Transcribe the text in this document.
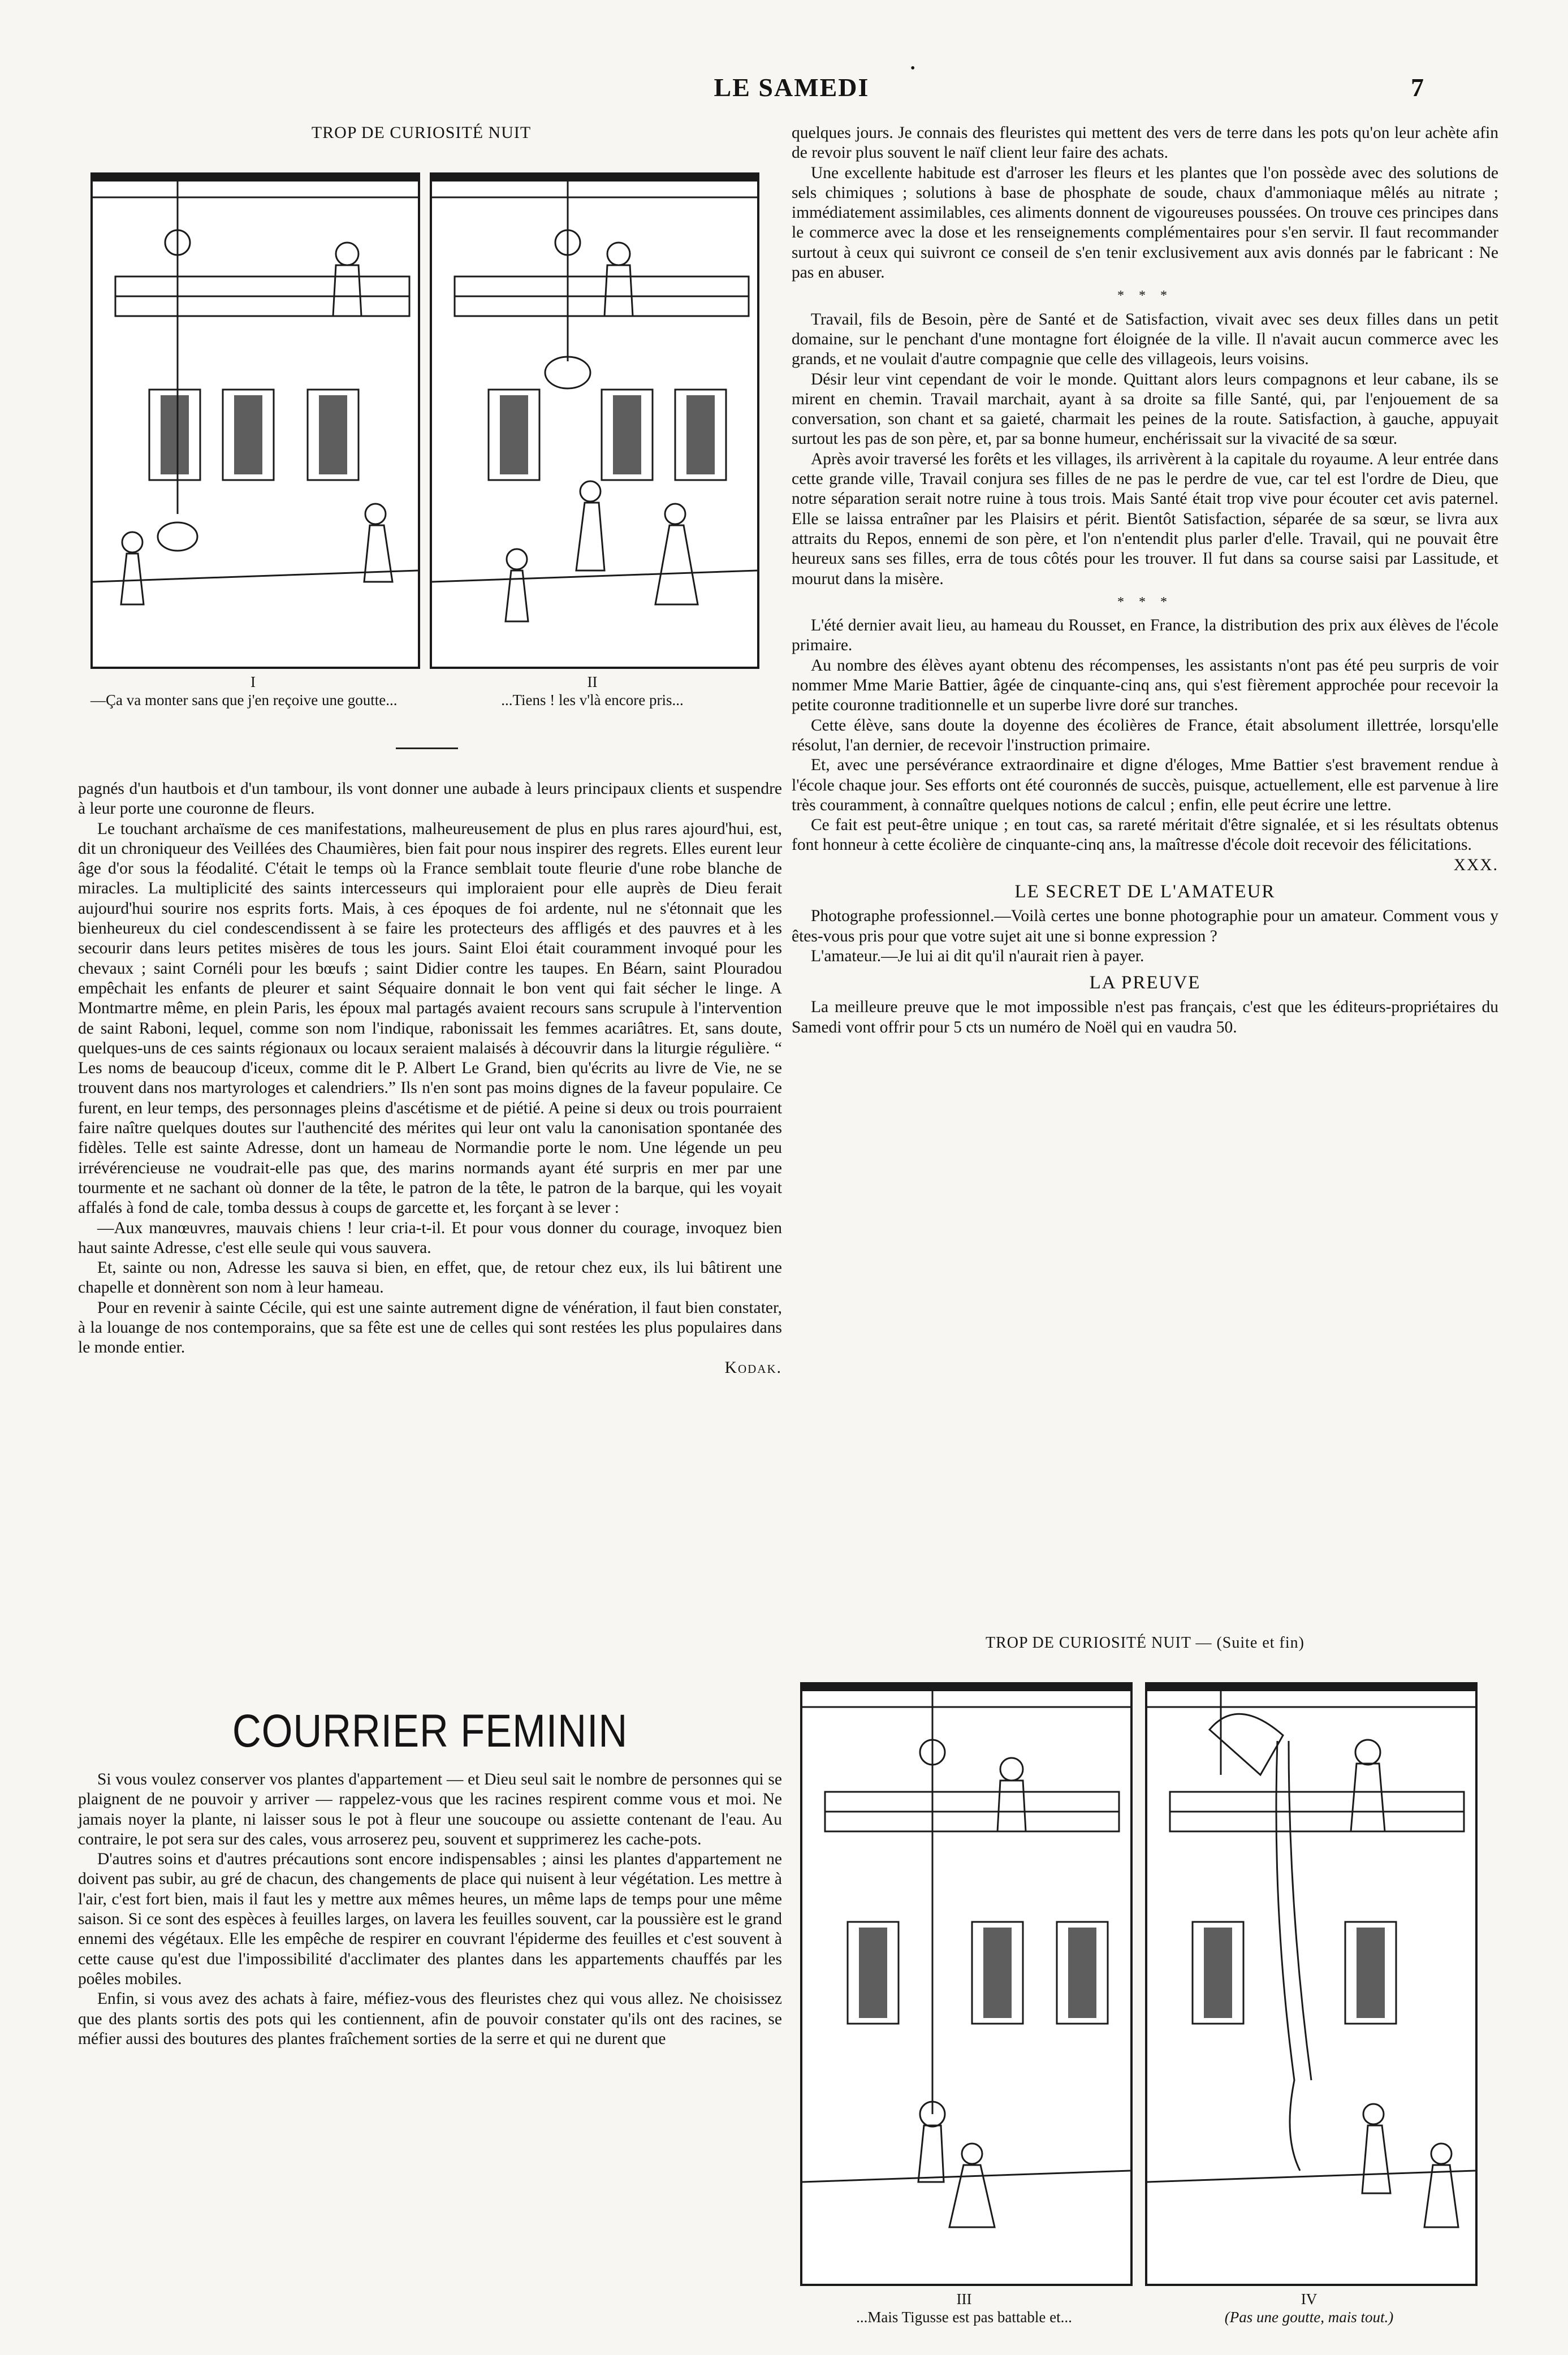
•
LE SAMEDI	7
TROP DE CURIOSITÉ NUIT
I
—Ça va monter sans que j'en reçoive une goutte...
II
...Tiens ! les v'là encore pris...

pagnés d'un hautbois et d'un tambour, ils vont donner une aubade à leurs principaux clients et suspendre à leur porte une couronne de fleurs.

Le touchant archaïsme de ces manifestations, malheureusement de plus en plus rares ajourd'hui, est, dit un chroniqueur des Veillées des Chaumières, bien fait pour nous inspirer des regrets. Elles eurent leur âge d'or sous la féodalité. C'était le temps où la France semblait toute fleurie d'une robe blanche de miracles. La multiplicité des saints intercesseurs qui imploraient pour elle auprès de Dieu ferait aujourd'hui sourire nos esprits forts. Mais, à ces époques de foi ardente, nul ne s'étonnait que les bienheureux du ciel condescendissent à se faire les protecteurs des affligés et des pauvres et à les secourir dans leurs petites misères de tous les jours. Saint Eloi était couramment invoqué pour les chevaux ; saint Cornéli pour les bœufs ; saint Didier contre les taupes. En Béarn, saint Plouradou empêchait les enfants de pleurer et saint Séquaire donnait le bon vent qui fait sécher le linge. A Montmartre même, en plein Paris, les époux mal partagés avaient recours sans scrupule à l'intervention de saint Raboni, lequel, comme son nom l'indique, rabonissait les femmes acariâtres. Et, sans doute, quelques-uns de ces saints régionaux ou locaux seraient malaisés à découvrir dans la liturgie régulière. “ Les noms de beaucoup d'iceux, comme dit le P. Albert Le Grand, bien qu'écrits au livre de Vie, ne se trouvent dans nos martyrologes et calendriers.” Ils n'en sont pas moins dignes de la faveur populaire. Ce furent, en leur temps, des personnages pleins d'ascétisme et de piétié. A peine si deux ou trois pourraient faire naître quelques doutes sur l'authencité des mérites qui leur ont valu la canonisation spontanée des fidèles. Telle est sainte Adresse, dont un hameau de Normandie porte le nom. Une légende un peu irrévérencieuse ne voudrait-elle pas que, des marins normands ayant été surpris en mer par une tourmente et ne sachant où donner de la tête, le patron de la tête, le patron de la barque, qui les voyait affalés à fond de cale, tomba dessus à coups de garcette et, les forçant à se lever :

—Aux manœuvres, mauvais chiens ! leur cria-t-il. Et pour vous donner du courage, invoquez bien haut sainte Adresse, c'est elle seule qui vous sauvera.

Et, sainte ou non, Adresse les sauva si bien, en effet, que, de retour chez eux, ils lui bâtirent une chapelle et donnèrent son nom à leur hameau.

Pour en revenir à sainte Cécile, qui est une sainte autrement digne de vénération, il faut bien constater, à la louange de nos contemporains, que sa fête est une de celles qui sont restées les plus populaires dans le monde entier.

Kodak.

COURRIER FEMININ

Si vous voulez conserver vos plantes d'appartement — et Dieu seul sait le nombre de personnes qui se plaignent de ne pouvoir y arriver — rappelez-vous que les racines respirent comme vous et moi. Ne jamais noyer la plante, ni laisser sous le pot à fleur une soucoupe ou assiette contenant de l'eau. Au contraire, le pot sera sur des cales, vous arroserez peu, souvent et supprimerez les cache-pots.

D'autres soins et d'autres précautions sont encore indispensables ; ainsi les plantes d'appartement ne doivent pas subir, au gré de chacun, des changements de place qui nuisent à leur végétation. Les mettre à l'air, c'est fort bien, mais il faut les y mettre aux mêmes heures, un même laps de temps pour une même saison. Si ce sont des espèces à feuilles larges, on lavera les feuilles souvent, car la poussière est le grand ennemi des végétaux. Elle les empêche de respirer en couvrant l'épiderme des feuilles et c'est souvent à cette cause qu'est due l'impossibilité d'acclimater des plantes dans les appartements chauffés par les poêles mobiles.

Enfin, si vous avez des achats à faire, méfiez-vous des fleuristes chez qui vous allez. Ne choisissez que des plants sortis des pots qui les contiennent, afin de pouvoir constater qu'ils ont des racines, se méfier aussi des boutures des plantes fraîchement sorties de la serre et qui ne durent que

quelques jours. Je connais des fleuristes qui mettent des vers de terre dans les pots qu'on leur achète afin de revoir plus souvent le naïf client leur faire des achats.

Une excellente habitude est d'arroser les fleurs et les plantes que l'on possède avec des solutions de sels chimiques ; solutions à base de phosphate de soude, chaux d'ammoniaque mêlés au nitrate ; immédiatement assimilables, ces aliments donnent de vigoureuses poussées. On trouve ces principes dans le commerce avec la dose et les renseignements complémentaires pour s'en servir. Il faut recommander surtout à ceux qui suivront ce conseil de s'en tenir exclusivement aux avis donnés par le fabricant : Ne pas en abuser.

* * *

Travail, fils de Besoin, père de Santé et de Satisfaction, vivait avec ses deux filles dans un petit domaine, sur le penchant d'une montagne fort éloignée de la ville. Il n'avait aucun commerce avec les grands, et ne voulait d'autre compagnie que celle des villageois, leurs voisins.

Désir leur vint cependant de voir le monde. Quittant alors leurs compagnons et leur cabane, ils se mirent en chemin. Travail marchait, ayant à sa droite sa fille Santé, qui, par l'enjouement de sa conversation, son chant et sa gaieté, charmait les peines de la route. Satisfaction, à gauche, appuyait surtout les pas de son père, et, par sa bonne humeur, enchérissait sur la vivacité de sa sœur.

Après avoir traversé les forêts et les villages, ils arrivèrent à la capitale du royaume. A leur entrée dans cette grande ville, Travail conjura ses filles de ne pas le perdre de vue, car tel est l'ordre de Dieu, que notre séparation serait notre ruine à tous trois. Mais Santé était trop vive pour écouter cet avis paternel. Elle se laissa entraîner par les Plaisirs et périt. Bientôt Satisfaction, séparée de sa sœur, se livra aux attraits du Repos, ennemi de son père, et l'on n'entendit plus parler d'elle. Travail, qui ne pouvait être heureux sans ses filles, erra de tous côtés pour les trouver. Il fut dans sa course saisi par Lassitude, et mourut dans la misère.

* * *

L'été dernier avait lieu, au hameau du Rousset, en France, la distribution des prix aux élèves de l'école primaire.

Au nombre des élèves ayant obtenu des récompenses, les assistants n'ont pas été peu surpris de voir nommer Mme Marie Battier, âgée de cinquante-cinq ans, qui s'est fièrement approchée pour recevoir la petite couronne traditionnelle et un superbe livre doré sur tranches.

Cette élève, sans doute la doyenne des écolières de France, était absolument illettrée, lorsqu'elle résolut, l'an dernier, de recevoir l'instruction primaire.

Et, avec une persévérance extraordinaire et digne d'éloges, Mme Battier s'est bravement rendue à l'école chaque jour. Ses efforts ont été couronnés de succès, puisque, actuellement, elle est parvenue à lire très couramment, à connaître quelques notions de calcul ; enfin, elle peut écrire une lettre.

Ce fait est peut-être unique ; en tout cas, sa rareté méritait d'être signalée, et si les résultats obtenus font honneur à cette écolière de cinquante-cinq ans, la maîtresse d'école doit recevoir des félicitations.

XXX.

LE SECRET DE L'AMATEUR

Photographe professionnel.—Voilà certes une bonne photographie pour un amateur. Comment vous y êtes-vous pris pour que votre sujet ait une si bonne expression ?

L'amateur.—Je lui ai dit qu'il n'aurait rien à payer.

LA PREUVE

La meilleure preuve que le mot impossible n'est pas français, c'est que les éditeurs-propriétaires du Samedi vont offrir pour 5 cts un numéro de Noël qui en vaudra 50.

TROP DE CURIOSITÉ NUIT — (Suite et fin)
III
...Mais Tigusse est pas battable et...
IV
(Pas une goutte, mais tout.)
